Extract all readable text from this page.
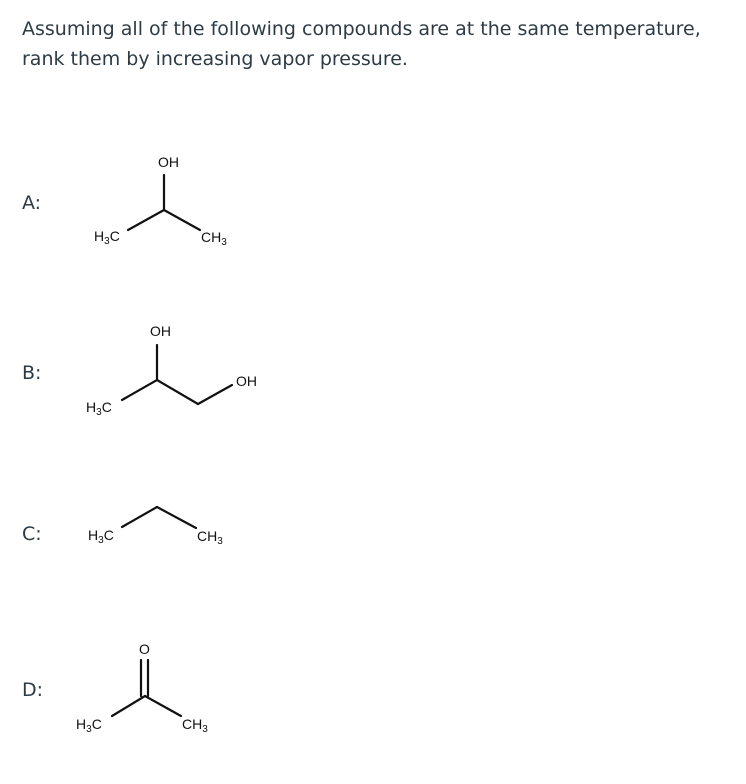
Assuming all of the following compounds are at the same temperature, rank them by increasing vapor pressure.
A:
OH
$H_3C$	$CH_3$
B:
OH
OH
$H_3C$
C:	$H_3C$	$CH_3$
D:
O
$H_3C$	$CH_3$
